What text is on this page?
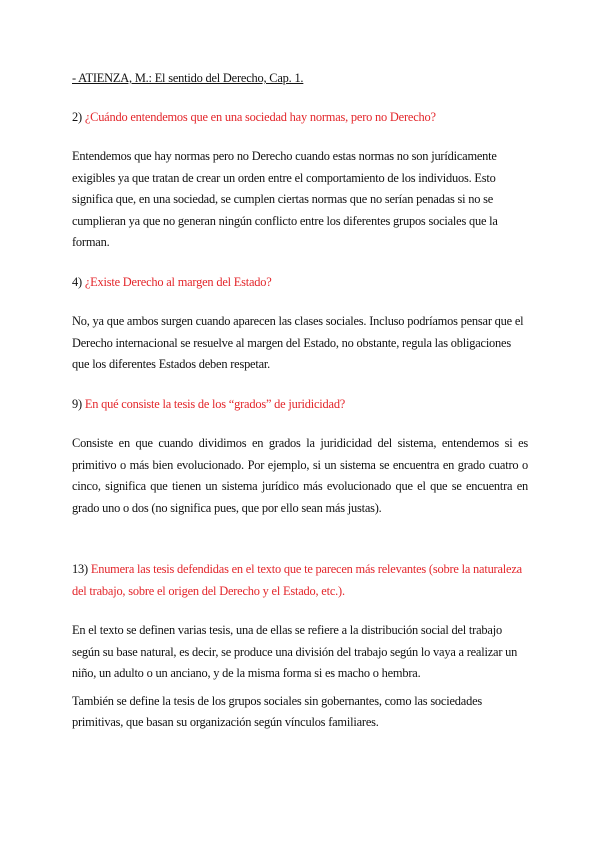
- ATIENZA, M.: El sentido del Derecho, Cap. 1.

2) ¿Cuándo entendemos que en una sociedad hay normas, pero no Derecho?

Entendemos que hay normas pero no Derecho cuando estas normas no son jurídicamente exigibles ya que tratan de crear un orden entre el comportamiento de los individuos. Esto significa que, en una sociedad, se cumplen ciertas normas que no serían penadas si no se cumplieran ya que no generan ningún conflicto entre los diferentes grupos sociales que la forman.

4) ¿Existe Derecho al margen del Estado?

No, ya que ambos surgen cuando aparecen las clases sociales. Incluso podríamos pensar que el Derecho internacional se resuelve al margen del Estado, no obstante, regula las obligaciones que los diferentes Estados deben respetar.

9) En qué consiste la tesis de los “grados” de juridicidad?

Consiste en que cuando dividimos en grados la juridicidad del sistema, entendemos si es primitivo o más bien evolucionado. Por ejemplo, si un sistema se encuentra en grado cuatro o cinco, significa que tienen un sistema jurídico más evolucionado que el que se encuentra en grado uno o dos (no significa pues, que por ello sean más justas).

13) Enumera las tesis defendidas en el texto que te parecen más relevantes (sobre la naturaleza del trabajo, sobre el origen del Derecho y el Estado, etc.).

En el texto se definen varias tesis, una de ellas se refiere a la distribución social del trabajo según su base natural, es decir, se produce una división del trabajo según lo vaya a realizar un niño, un adulto o un anciano, y de la misma forma si es macho o hembra.

También se define la tesis de los grupos sociales sin gobernantes, como las sociedades primitivas, que basan su organización según vínculos familiares.
